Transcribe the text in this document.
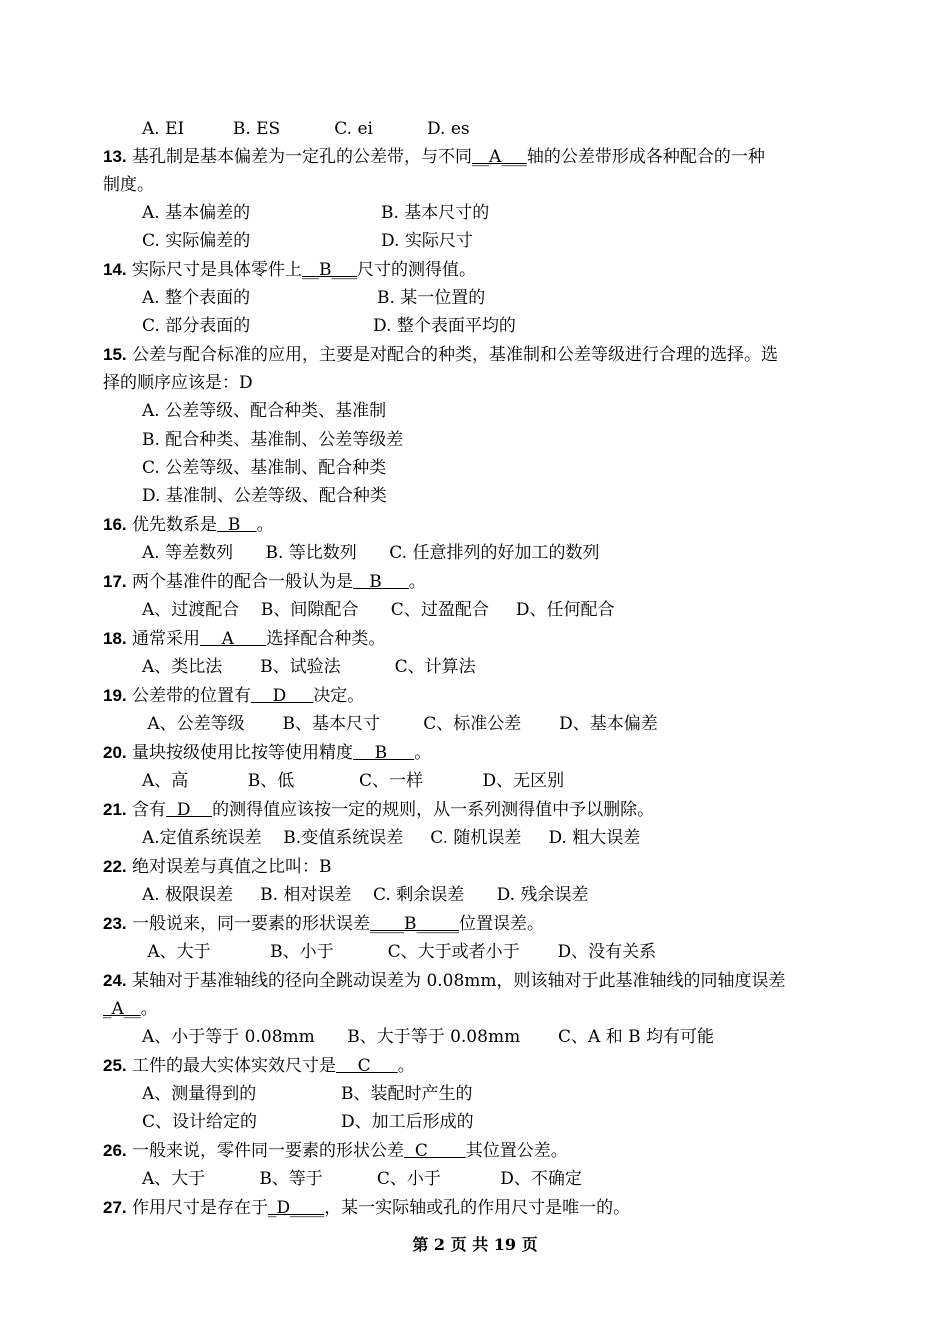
A. EI         B. ES          C. ei          D. es
13. 基孔制是基本偏差为一定孔的公差带，与不同__A___轴的公差带形成各种配合的一种
制度。
A. 基本偏差的	B. 基本尺寸的
C. 实际偏差的	D. 实际尺寸
14. 实际尺寸是具体零件上__B___尺寸的测得值。
A. 整个表面的	B. 某一位置的
C. 部分表面的	D. 整个表面平均的
15. 公差与配合标准的应用，主要是对配合的种类，基准制和公差等级进行合理的选择。选
择的顺序应该是：D
A. 公差等级、配合种类、基准制
B. 配合种类、基准制、公差等级差
C. 公差等级、基准制、配合种类
D. 基准制、公差等级、配合种类
16. 优先数系是  B   。
A. 等差数列      B. 等比数列      C. 任意排列的好加工的数列
17. 两个基准件的配合一般认为是   B     。
A、过渡配合    B、间隙配合      C、过盈配合     D、任何配合
18. 通常采用    A      选择配合种类。
A、类比法       B、试验法          C、计算法
19. 公差带的位置有    D     决定。
A、公差等级       B、基本尺寸        C、标准公差       D、基本偏差
20. 量块按级使用比按等使用精度    B     。
A、高           B、低            C、一样           D、无区别
21. 含有  D    的测得值应该按一定的规则，从一系列测得值中予以删除。
A.定值系统误差    B.变值系统误差     C. 随机误差     D. 粗大误差
22. 绝对误差与真值之比叫：B
A. 极限误差     B. 相对误差    C. 剩余误差      D. 残余误差
23. 一般说来，同一要素的形状误差____B_____位置误差。
A、大于           B、小于          C、大于或者小于       D、没有关系
24. 某轴对于基准轴线的径向全跳动误差为 0.08mm，则该轴对于此基准轴线的同轴度误差
_A__。
A、小于等于 0.08mm      B、大于等于 0.08mm       C、A 和 B 均有可能
25. 工件的最大实体实效尺寸是    C     。
A、测量得到的	B、装配时产生的
C、设计给定的	D、加工后形成的
26. 一般来说，零件同一要素的形状公差  C       其位置公差。
A、大于          B、等于          C、小于           D、不确定
27. 作用尺寸是存在于_D____，某一实际轴或孔的作用尺寸是唯一的。
第 2 页 共 19 页
